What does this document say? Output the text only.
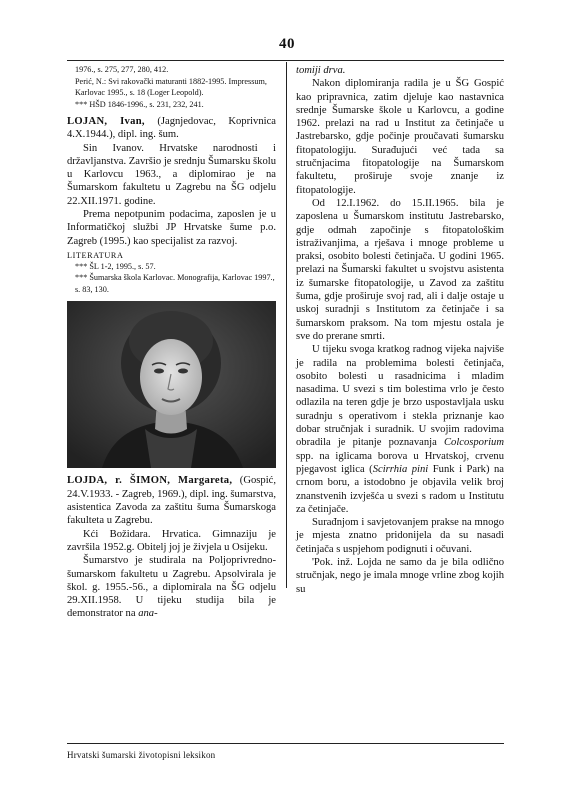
40

1976., s. 275, 277, 280, 412.

Perić, N.: Svi rakovački maturanti 1882-1995. Impressum, Karlovac 1995., s. 18 (Loger Leopold).

*** HŠD 1846-1996., s. 231, 232, 241.

LOJAN, Ivan, (Jagnjedovac, Koprivnica 4.X.1944.), dipl. ing. šum.

Sin Ivanov. Hrvatske narodnosti i državljanstva. Završio je srednju Šumarsku školu u Karlovcu 1963., a diplomirao je na Šumarskom fakultetu u Zagrebu na ŠG odjelu 22.XII.1971. godine.

Prema nepotpunim podacima, zaposlen je u Informatičkoj službi JP Hrvatske šume p.o. Zagreb (1995.) kao specijalist za razvoj.

LITERATURA

*** ŠL 1-2, 1995., s. 57.

*** Šumarska škola Karlovac. Monografija, Karlovac 1997., s. 83, 130.

LOJDA, r. ŠIMON, Margareta, (Gospić, 24.V.1933. - Zagreb, 1969.), dipl. ing. šumarstva, asistentica Zavoda za zaštitu šuma Šumarskoga fakulteta u Zagrebu.

Kći Božidara. Hrvatica. Gimnaziju je završila 1952.g. Obitelj joj je živjela u Osijeku.

Šumarstvo je studirala na Poljoprivredno-šumarskom fakultetu u Zagrebu. Apsolvirala je škol. g. 1955.-56., a diplomirala na ŠG odjelu 29.XII.1958. U tijeku studija bila je demonstrator na ana-

tomiji drva.

Nakon diplomiranja radila je u ŠG Gospić kao pripravnica, zatim djeluje kao nastavnica srednje Šumarske škole u Karlovcu, a godine 1962. prelazi na rad u Institut za četinjače u Jastrebarsko, gdje počinje proučavati šumarsku fitopatologiju. Surađujući već tada sa stručnjacima fitopatologije na Šumarskom fakultetu, proširuje svoje znanje iz fitopatologije.

Od 12.I.1962. do 15.II.1965. bila je zaposlena u Šumarskom institutu Jastrebarsko, gdje odmah započinje s fitopatološkim istraživanjima, a rješava i mnoge probleme u praksi, osobito bolesti četinjača. U godini 1965. prelazi na Šumarski fakultet u svojstvu asistenta iz šumarske fitopatologije, u Zavod za zaštitu šuma, gdje proširuje svoj rad, ali i dalje ostaje u uskoj suradnji s Institutom za četinjače i sa šumarskom praksom. Na tom mjestu ostala je sve do prerane smrti.

U tijeku svoga kratkog radnog vijeka najviše je radila na problemima bolesti četinjača, osobito bolesti u rasadnicima i mladim nasadima. U svezi s tim bolestima vrlo je često odlazila na teren gdje je brzo uspostavljala usku suradnju s operativom i stekla priznanje kao dobar stručnjak i suradnik. U svojim radovima obradila je pitanje poznavanja Colcosporium spp. na iglicama borova u Hrvatskoj, crvenu pjegavost iglica (Scirrhia pini Funk i Park) na crnom boru, a istodobno je objavila velik broj znanstvenih izvješća u svezi s radom u Institutu za četinjače.

Surađnjom i savjetovanjem prakse na mnogo je mjesta znatno pridonijela da su nasadi četinjača s uspjehom podignuti i očuvani.

'Pok. inž. Lojda ne samo da je bila odlično stručnjak, nego je imala mnoge vrline zbog kojih su

Hrvatski šumarski životopisni leksikon
